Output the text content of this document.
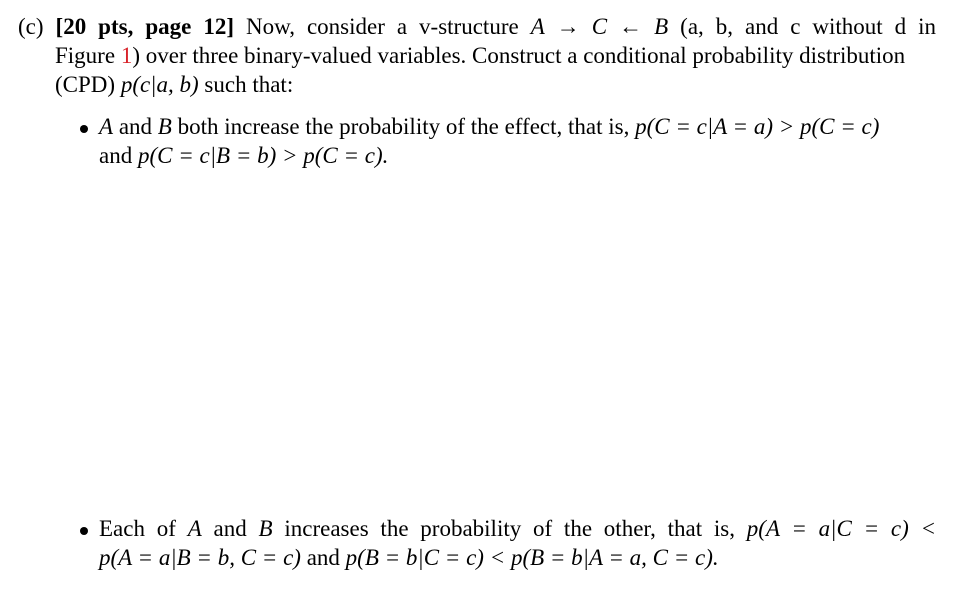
(c) [20 pts, page 12] Now, consider a v-structure A → C ← B (a, b, and c without d in
Figure 1) over three binary-valued variables. Construct a conditional probability distribution
(CPD) p(c|a, b) such that:
A and B both increase the probability of the effect, that is, p(C = c|A = a) > p(C = c)
and p(C = c|B = b) > p(C = c).
Each of A and B increases the probability of the other, that is, p(A = a|C = c) <
p(A = a|B = b, C = c) and p(B = b|C = c) < p(B = b|A = a, C = c).
